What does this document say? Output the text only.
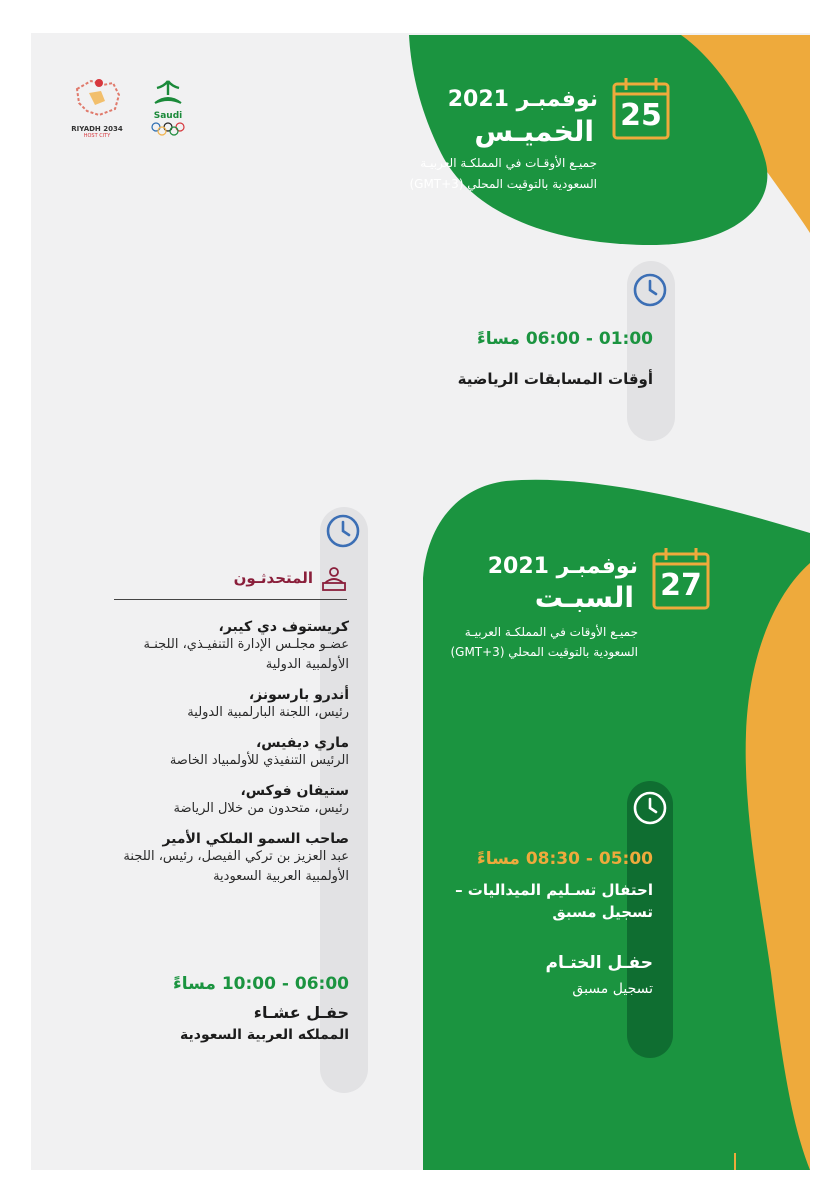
RIYADH 2034
HOST CITY
Saudi	25
نوفمبـر 2021
الخميـس
جميـع الأوقـات في المملكـة العربيـة
السعودية بالتوقيت المحلي (GMT+3)
01:00 - 06:00 مساءً
أوقات المسابقات الرياضية
27
نوفمبـر 2021
السبـت
جميـع الأوقات في المملكـة العربيـة
السعودية بالتوقيت المحلي (GMT+3)
05:00 - 08:30 مساءً
احتفال تسـليم الميداليات –
تسجيل مسبق
حفـل الختـام
تسجيل مسبق
المتحدثـون
كريستوف دي كيبر،
عضـو مجلـس الإدارة التنفيـذي، اللجنـة
الأولمبية الدولية
أندرو بارسونز،
رئيس، اللجنة البارلمبية الدولية
ماري ديفيس،
الرئيس التنفيذي للأولمبياد الخاصة
ستيفان فوكس،
رئيس، متحدون من خلال الرياضة
صاحب السمو الملكي الأمير
عبد العزيز بن تركي الفيصل، رئيس، اللجنة
الأولمبية العربية السعودية
06:00 - 10:00 مساءً
حفـل عشـاء
المملكه العربية السعودية
